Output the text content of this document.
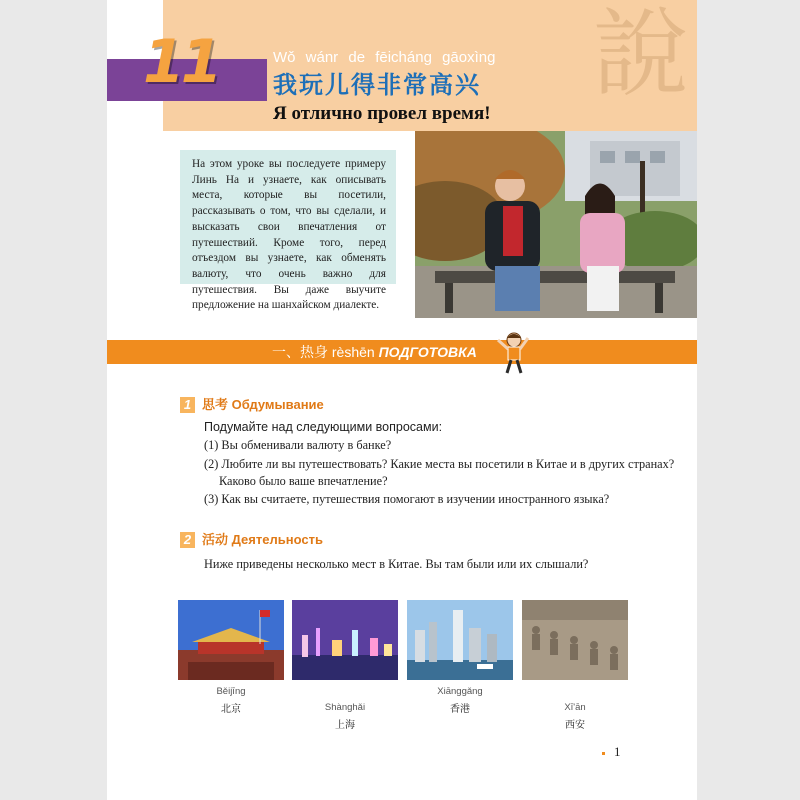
說
11	Wǒ wánr de fēicháng gāoxìng
我玩儿得非常高兴
Я отлично провел время!
На этом уроке вы последуете примеру Линь На и узнаете, как описывать места, которые вы посетили, рассказывать о том, что вы сделали, и высказать свои впечатления от путешествий. Кроме того, перед отъездом вы узнаете, как обменять валюту, что очень важно для путешествия. Вы даже выучите предложение на шанхайском диалекте.
一、热身 rèshēn ПОДГОТОВКА
1 思考 Обдумывание
Подумайте над следующими вопросами:
(1) Вы обменивали валюту в банке?
(2) Любите ли вы путешествовать? Какие места вы посетили в Китае и в других странах?
Каково было ваше впечатление?
(3) Как вы считаете, путешествия помогают в изучении иностранного языка?
2 活动 Деятельность
Ниже приведены несколько мест в Китае. Вы там были или их слышали?
Běijīng
北京	Shànghǎi
上海
Xiānggǎng
香港	Xī'ān
西安
1
